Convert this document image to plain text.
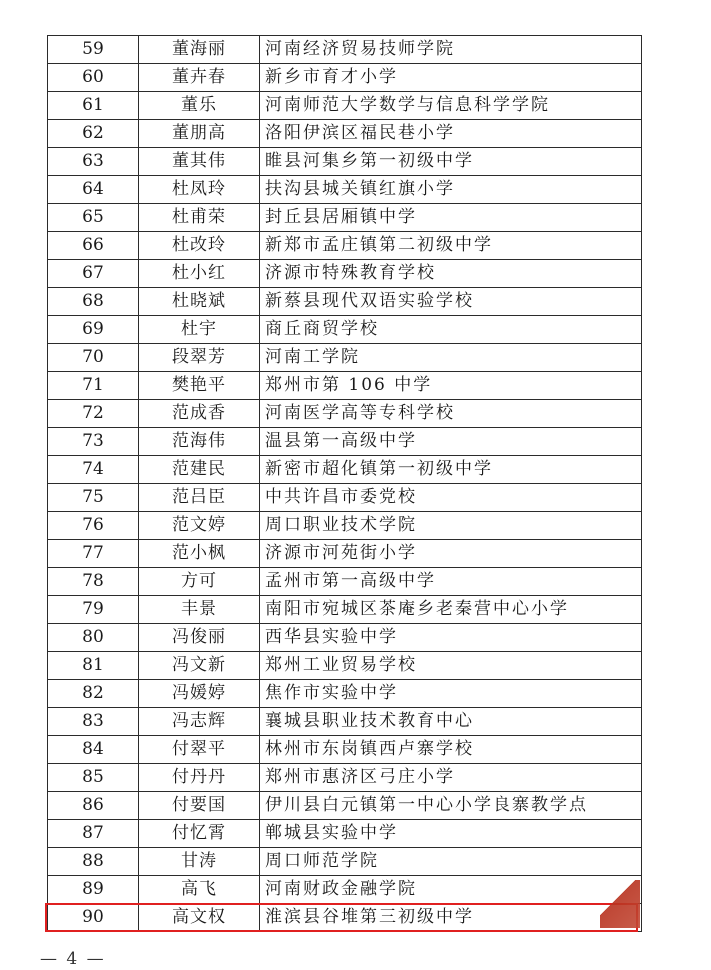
59	董海丽	河南经济贸易技师学院
60	董卉春	新乡市育才小学
61	董乐	河南师范大学数学与信息科学学院
62	董朋高	洛阳伊滨区福民巷小学
63	董其伟	睢县河集乡第一初级中学
64	杜凤玲	扶沟县城关镇红旗小学
65	杜甫荣	封丘县居厢镇中学
66	杜改玲	新郑市孟庄镇第二初级中学
67	杜小红	济源市特殊教育学校
68	杜晓斌	新蔡县现代双语实验学校
69	杜宇	商丘商贸学校
70	段翠芳	河南工学院
71	樊艳平	郑州市第 106 中学
72	范成香	河南医学高等专科学校
73	范海伟	温县第一高级中学
74	范建民	新密市超化镇第一初级中学
75	范吕臣	中共许昌市委党校
76	范文婷	周口职业技术学院
77	范小枫	济源市河苑街小学
78	方可	孟州市第一高级中学
79	丰景	南阳市宛城区茶庵乡老秦营中心小学
80	冯俊丽	西华县实验中学
81	冯文新	郑州工业贸易学校
82	冯媛婷	焦作市实验中学
83	冯志辉	襄城县职业技术教育中心
84	付翠平	林州市东岗镇西卢寨学校
85	付丹丹	郑州市惠济区弓庄小学
86	付要国	伊川县白元镇第一中心小学良寨教学点
87	付忆霄	郸城县实验中学
88	甘涛	周口师范学院
89	高飞	河南财政金融学院
90	高文权	淮滨县谷堆第三初级中学
— 4 —
